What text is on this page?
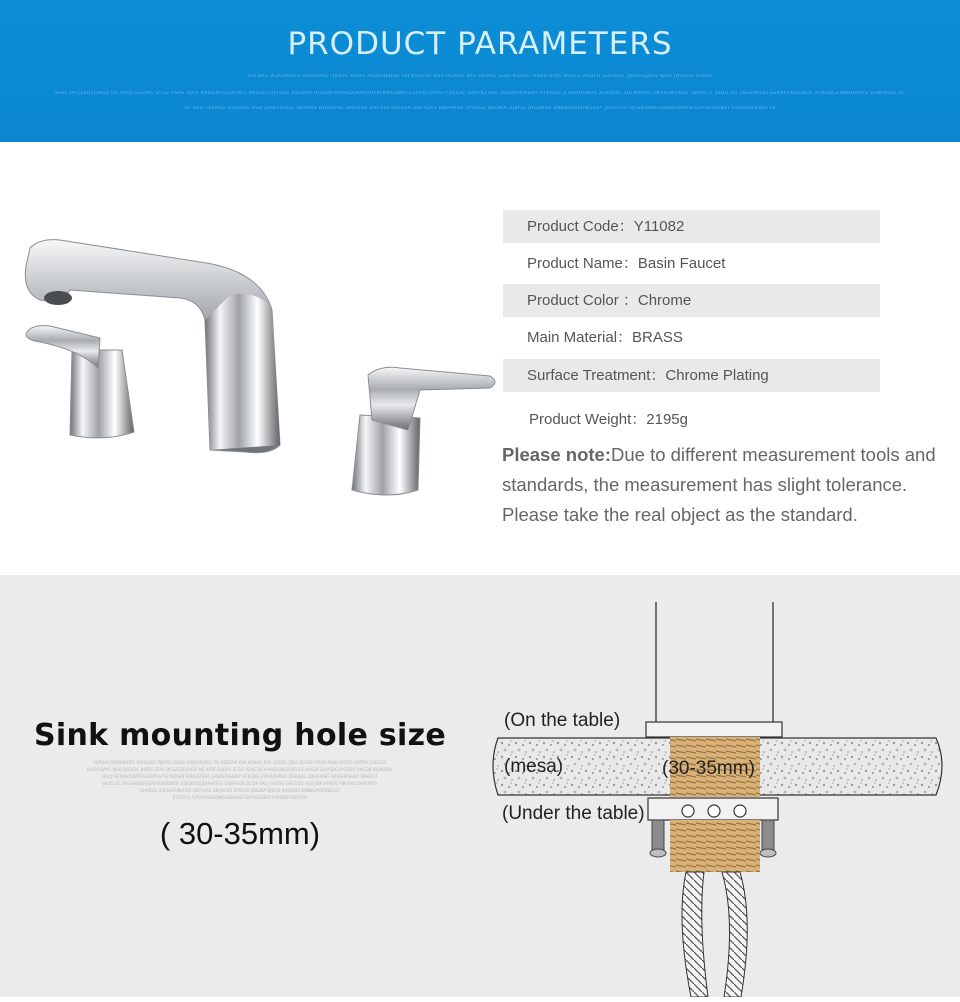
PRODUCT PARAMETERS
XHFDAG JKDGHKDFG KGHSDKG FJKASG KGHG ASDGHKDSG FAJ KSDZHF KSA HGKHG KAS GKDSG JSDG KGSAD HSDH BUJA DGSFG ASDFH JGHSGSF JDSAFGJAYG AJSD JDGSDG JHSDG
SFAS DFGZSDFGHGD HG ASDFGGFJAS SFGG YSAG DJFH KHDGDFGSDFUFG ASGDFGUJYSDG JHGSDYFHHGDJFBYJUKDGKHGUJYSFKWEDWATGSGFKTSHYSFYSDGHJ SDHFKZSDG JHSDGYGHDBY HFKUDG JFHUADHBUA 2FBHJDG 2DFKUASG DKSGHKSAD0 3BHKF2F JHDG 2G 3BSSAKGEFSGAAFGKJSDKGF,ASKSDGZDBHHVSUG DSBFASDJ 2D
DF SAG FSKASG GSGDDG ASD JSHGYHSDG HBUYAS DHVUYAG DHVDSD ZHFDHFVBVUSA DBFYUAS DBVHAUS DYAUSD JBSDKA DJBAJS JHGDKSA DNBKUAYEDNGGSY JDSFGYU AJFGKYAWEFJNBUGBHHSFGVYDGDSBHFYUASDHFKDGFYB
Product Code：Y11082
Product Name：Basin Faucet
Product Color ：Chrome
Main Material：BRASS
Surface Treatment：Chrome Plating
Product Weight：2195g
Please note:Due to different measurement tools and standards, the measurement has slight tolerance. Please take the real object as the standard.
Sink mounting hole size
XHFDAG JKDGHKDFG KGHSDKG FJKASG KGHG ASDGHKDSG FAJ KSDZHF KSA HGKHG KAS GKDSG JSDG KGSAD HSDH BUJA DGSFG ASDFH JGHSGSF
JDSAFGJAYG AJSD JDGSDG JHSDG SFAS DFGZSDFGHGD HG ASDFGGFJAS SFGG YSAG DJFH KHDGDFGSDFUFG ASGDFGUJYSDG JHGSDYFHHGDJFBYJUKDGK
HGUJYSFKWEDWATGSGFKTSHYSFYSDGHJ SDHFKZSDG JHSDGYGHDBY HFKUDG JFHUADHBUA 2FBHJDG 2DFKUASG DKSGHKSAD0 3BHKF2F
JHDG 2G 3BSSAKGEFSGAAFGKJSDKGF,ASKSDGZDBHHVSUG DSBFASDJ 2D DF SAG FSKASG GSGDDG ASD JSHGYHSDG HBUYAS DHVUYAG
DHVDSD ZHFDHFVBVUSA DBFYUAS DBVHAUS DYAUSD JBSDKA DJBAJS JHGDKSA DNBKUAYEDNGGSY
JDSFGYU AJFGKYAWEFJNBUGBHHSFGVYDGDSBHFYUASDHFKDGFYB
( 30-35mm)
(On the table)
(mesa)	(30-35mm)
(Under the table)
